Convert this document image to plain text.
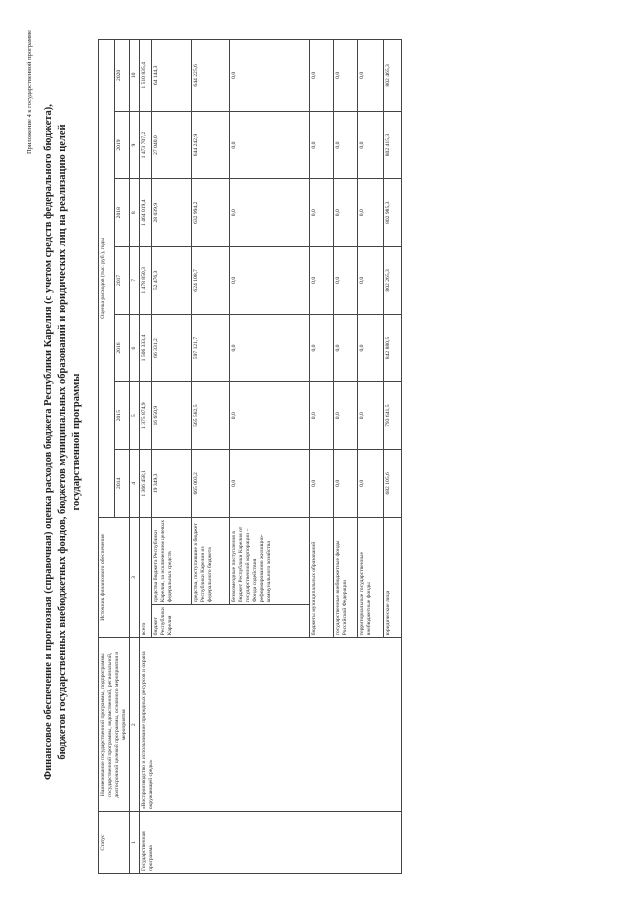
Приложение 4 к государственной программе
Финансовое обеспечение и прогнозная (справочная) оценка расходов бюджета Республики Карелия (с учетом средств федерального бюджета), бюджетов государственных внебюджетных фондов, бюджетов муниципальных образований и юридических лиц на реализацию целей государственной программы
Статус	Наименование государственной программы, подпрограммы государственной программы, ведомственной, региональной, долгосрочной целевой программы, основного мероприятия и мероприятия	Источник финансового обеспечения		Оценка расходов (тыс. руб.), годы						
				2014	2015	2016	2017	2018	2019	2020
1	2	3		4	5	6	7	8	9	10
Государственная программа	«Воспроизводство и использование природных ресурсов и охрана окружающей среды»	всего		1 366 458,1	1 375 874,9	1 506 333,4	1 478 850,3	1 464 019,4	1 473 707,2	1 510 835,4
		бюджет Республики Карелия	средства бюджета Республики Карелия, за исключением целевых федеральных средств	19 349,3	16 650,9	66 331,2	52 476,3	28 039,9	27 040,0	64 144,3
			средства, поступившие в бюджет Республики Карелия из федерального бюджета	665 003,2	565 582,5	597 121,7	624 108,7	632 994,2	644 242,9	644 225,6
			безвозмездные поступления в бюджет Республики Карелия от государственной корпорации – Фонда содействия реформированию жилищно-коммунального хозяйства	0,0	0,0	0,0	0,0	0,0	0,0	0,0
		бюджеты муниципальных образований		0,0	0,0	0,0	0,0	0,0	0,0	0,0
		государственные внебюджетные фонды Российской Федерации		0,0	0,0	0,0	0,0	0,0	0,0	0,0
		территориальные государственные внебюджетные фонды		0,0	0,0	0,0	0,0	0,0	0,0	0,0
		юридические лица		682 105,6	793 641,5	842 880,5	802 265,3	802 985,3	802 415,3	802 465,3
